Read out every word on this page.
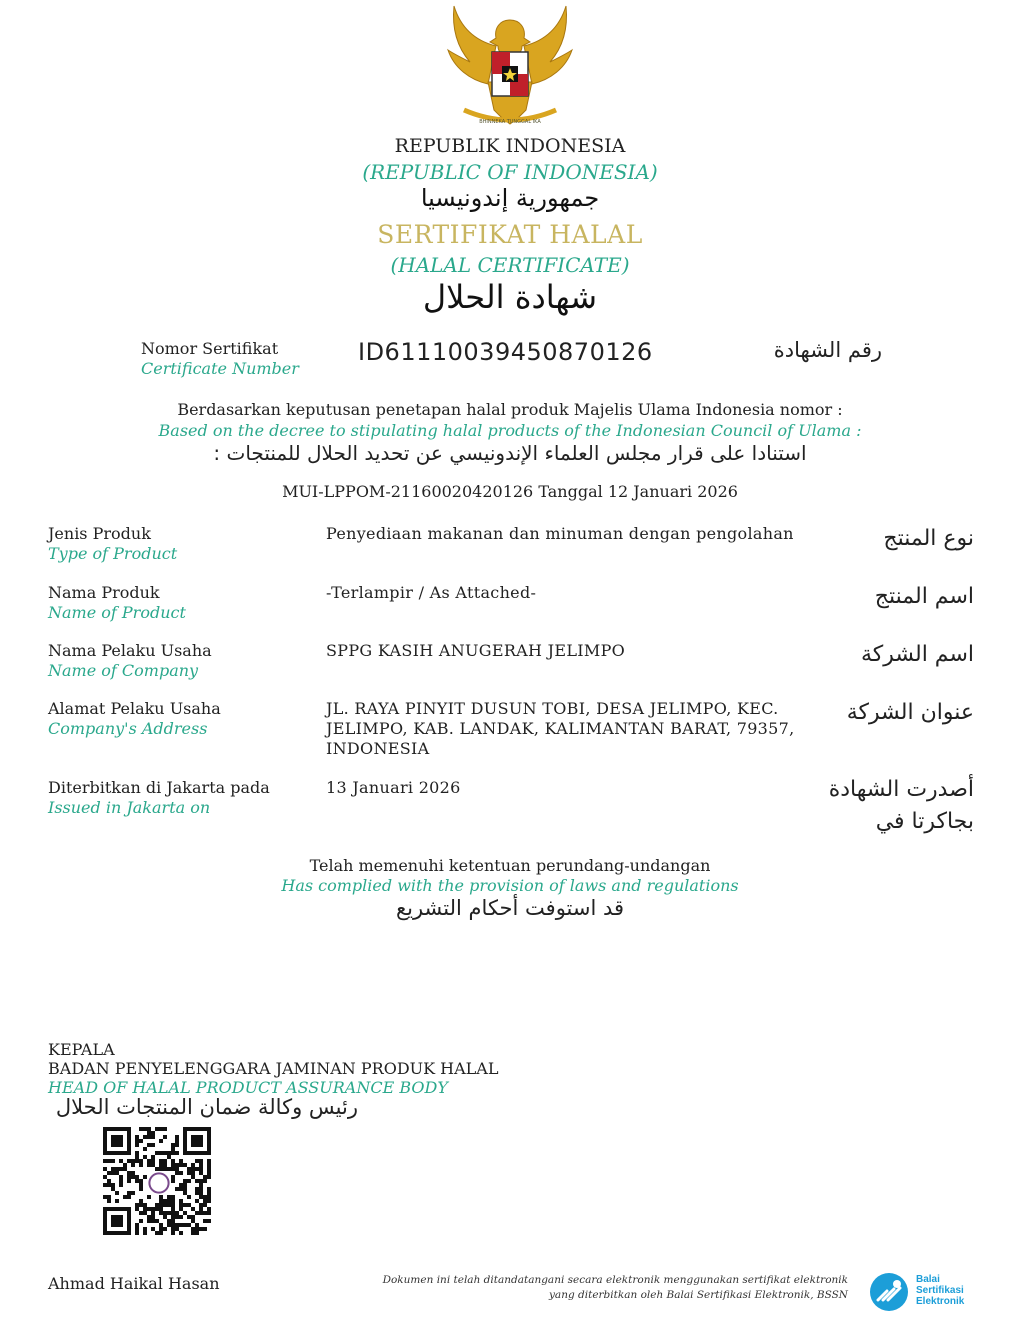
BHINNEKA TUNGGAL IKA
REPUBLIK INDONESIA
(REPUBLIC OF INDONESIA)
جمهورية إندونيسيا
SERTIFIKAT HALAL
(HALAL CERTIFICATE)
شهادة الحلال
Nomor Sertifikat
Certificate Number
ID61110039450870126	رقم الشهادة
Berdasarkan keputusan penetapan halal produk Majelis Ulama Indonesia nomor :
Based on the decree to stipulating halal products of the Indonesian Council of Ulama :
استنادا على قرار مجلس العلماء الإندونيسي عن تحديد الحلال للمنتجات :
MUI-LPPOM-21160020420126 Tanggal 12 Januari 2026
Jenis Produk
Type of Product
Penyediaan makanan dan minuman dengan pengolahan	نوع المنتج
Nama Produk
Name of Product
-Terlampir / As Attached-	اسم المنتج
Nama Pelaku Usaha
Name of Company
SPPG KASIH ANUGERAH JELIMPO	اسم الشركة
Alamat Pelaku Usaha
Company's Address
JL. RAYA PINYIT DUSUN TOBI, DESA JELIMPO, KEC.
JELIMPO, KAB. LANDAK, KALIMANTAN BARAT, 79357,
INDONESIA
عنوان الشركة
Diterbitkan di Jakarta pada
Issued in Jakarta on
13 Januari 2026	أصدرت الشهادة
بجاكرتا في
Telah memenuhi ketentuan perundang-undangan
Has complied with the provision of laws and regulations
قد استوفت أحكام التشريع
KEPALA
BADAN PENYELENGGARA JAMINAN PRODUK HALAL
HEAD OF HALAL PRODUCT ASSURANCE BODY
رئيس وكالة ضمان المنتجات الحلال
Ahmad Haikal Hasan	Dokumen ini telah ditandatangani secara elektronik menggunakan sertifikat elektronik
yang diterbitkan oleh Balai Sertifikasi Elektronik, BSSN
Balai
Sertifikasi
Elektronik
